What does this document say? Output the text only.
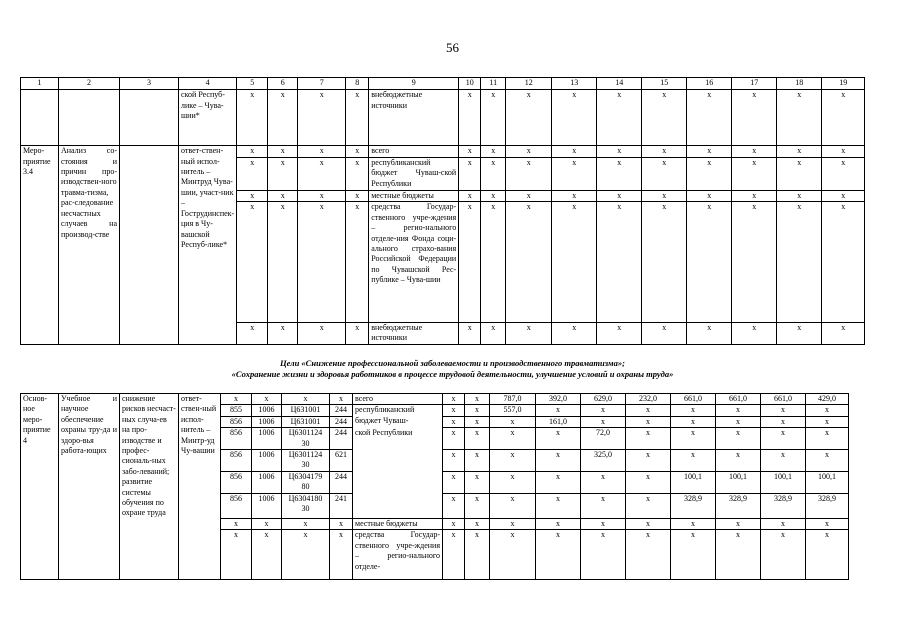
56
1	2	3	4	5	6	7	8	9	10	11	12	13	14	15	16	17	18	19
			ской Респуб-лике – Чува-шии*	x	x	x	x	внебюджетные источники	x	x	x	x	x	x	x	x	x	x
Меро-приятие 3.4	Анализ со-стояния и причин про-изводствен-ного травма-тизма, рас-следование несчастных случаев на производ-стве		ответ-ствен-ный испол-нитель – Минтруд Чува-шии, участ-ник – Гострудинспек-ция в Чу-вашской Респуб-лике*	x	x	x	x	всего	x	x	x	x	x	x	x	x	x	x
				x	x	x	x	республиканский бюджет Чуваш-ской Республики	x	x	x	x	x	x	x	x	x	x
				x	x	x	x	местные бюджеты	x	x	x	x	x	x	x	x	x	x
				x	x	x	x	средства Государ-ственного учре-ждения – регио-нального отделе-ния Фонда соци-ального страхо-вания Российской Федерации по Чувашской Рес-публике – Чува-шии	x	x	x	x	x	x	x	x	x	x
				x	x	x	x	внебюджетные источники	x	x	x	x	x	x	x	x	x	x
Цели «Снижение профессиональной заболеваемости и производственного травматизма»;
«Сохранение жизни и здоровья работников в процессе трудовой деятельности, улучшение условий и охраны труда»
Основ-ное меро-приятие 4	Учебное и научное обеспечение охраны тру-да и здоро-вья работа-ющих	снижение рисков несчаст-ных случа-ев на про-изводстве и профес-сиональ-ных забо-леваний; развитие системы обучения по охране труда	ответ-ствен-ный испол-нитель – Минтр-уд Чу-вашии	x	x	x	x	всего	x	x	787,0	392,0	629,0	232,0	661,0	661,0	661,0	429,0
				855	1006	Ц631001	244	республиканский	x	x	557,0	x	x	x	x	x	x	x
				856	1006	Ц631001	244	бюджет Чуваш-	x	x	x	161,0	x	x	x	x	x	x
				856	1006	Ц6301124 30	244	ской Республики	x	x	x	x	72,0	x	x	x	x	x
				856	1006	Ц6301124 30	621		x	x	x	x	325,0	x	x	x	x	x
				856	1006	Ц6304179 80	244		x	x	x	x	x	x	100,1	100,1	100,1	100,1
				856	1006	Ц6304180 30	241		x	x	x	x	x	x	328,9	328,9	328,9	328,9
				x	x	x	x	местные бюджеты	x	x	x	x	x	x	x	x	x	x
				x	x	x	x	средства Государ-ственного учре-ждения – регио-нального отделе-	x	x	x	x	x	x	x	x	x	x
